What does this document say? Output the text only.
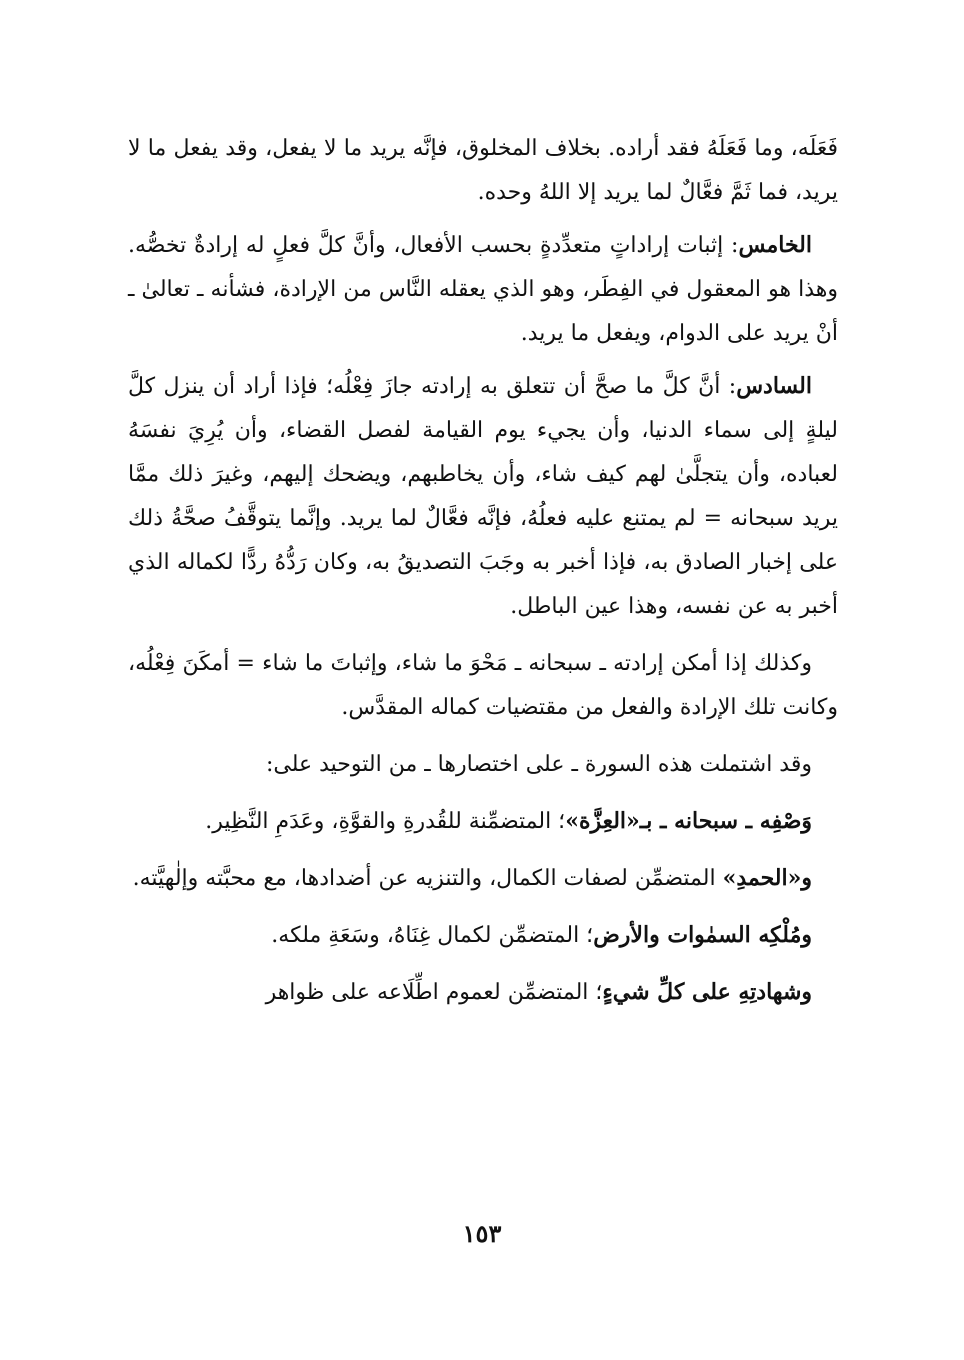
فَعَلَه، وما فَعَلَهُ فقد أراده. بخلاف المخلوق، فإنَّه يريد ما لا يفعل، وقد يفعل ما لا يريد، فما ثَمَّ فعَّالٌ لما يريد إلا اللهُ وحده.

الخامس: إثبات إراداتٍ متعدِّدةٍ بحسب الأفعال، وأنَّ كلَّ فعلٍ له إرادةٌ تخصُّه. وهذا هو المعقول في الفِطَر، وهو الذي يعقله النَّاس من الإرادة، فشأنه ـ تعالىٰ ـ أنْ يريد على الدوام، ويفعل ما يريد.

السادس: أنَّ كلَّ ما صحَّ أن تتعلق به إرادته جازَ فِعْلُه؛ فإذا أراد أن ينزل كلَّ ليلةٍ إلى سماء الدنيا، وأن يجيء يوم القيامة لفصل القضاء، وأن يُرِيَ نفسَهُ لعباده، وأن يتجلَّىٰ لهم كيف شاء، وأن يخاطبهم، ويضحك إليهم، وغيرَ ذلك ممَّا يريد سبحانه = لم يمتنع عليه فعلُهُ، فإنَّه فعَّالٌ لما يريد. وإنَّما يتوقَّفُ صحَّةُ ذلك على إخبار الصادق به، فإذا أخبر به وجَبَ التصديقُ به، وكان رَدُّهُ ردًّا لكماله الذي أخبر به عن نفسه، وهذا عين الباطل.

وكذلك إذا أمكن إرادته ـ سبحانه ـ مَحْوَ ما شاء، وإثباتَ ما شاء = أمكَنَ فِعْلُه، وكانت تلك الإرادة والفعل من مقتضيات كماله المقدَّس.

وقد اشتملت هذه السورة ـ على اختصارها ـ من التوحيد على:

وَصْفِه ـ سبحانه ـ بـ«العِزَّة»؛ المتضمِّنة للقُدرةِ والقوَّةِ، وعَدَمِ النَّظِير.

و«الحمدِ» المتضمِّن لصفات الكمال، والتنزيه عن أضدادها، مع محبَّته وإلٰهيَّته.

ومُلْكِه السمٰوات والأرض؛ المتضمِّن لكمال غِنَاهُ، وسَعَةِ ملكه.

وشهادتِهِ على كلِّ شيءٍ؛ المتضمِّن لعموم اطِّلَاعه على ظواهر

١٥٣
